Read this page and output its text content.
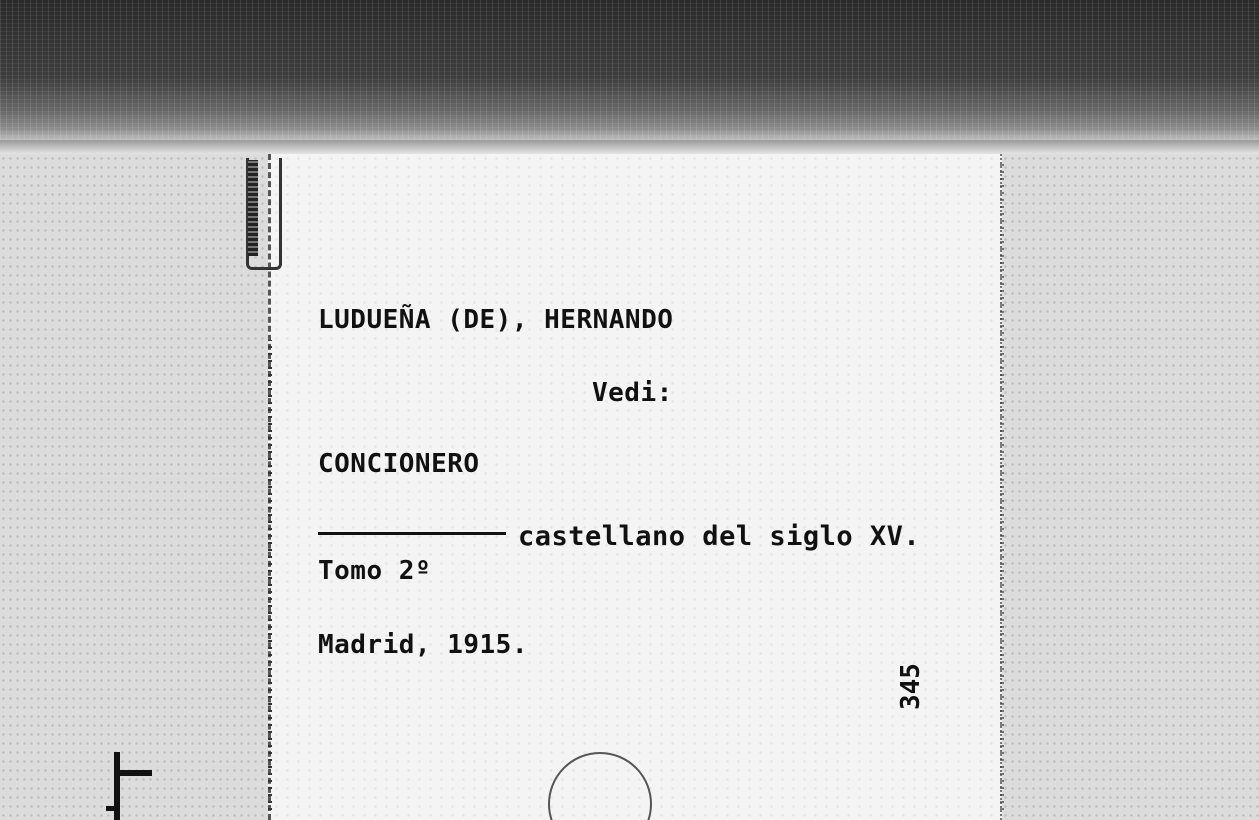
LUDUEÑA (DE), HERNANDO
Vedi:
CONCIONERO
castellano del siglo XV.
Tomo 2º
Madrid, 1915.
345
